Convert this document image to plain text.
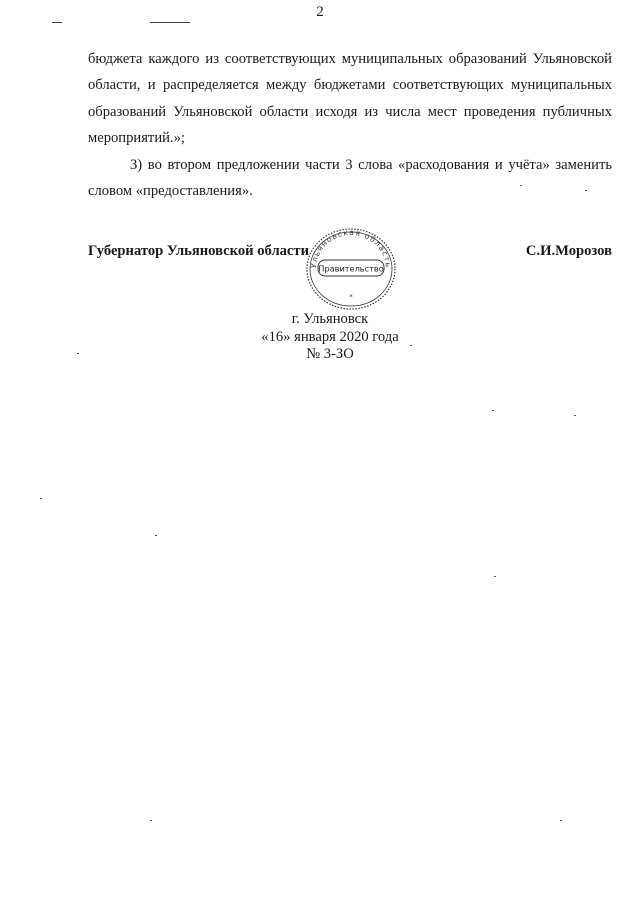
2

бюджета каждого из соответствующих муниципальных образований Ульяновской области, и распределяется между бюджетами соответствующих муниципальных образований Ульяновской области исходя из числа мест проведения публичных мероприятий.»;

3) во втором предложении части 3 слова «расходования и учёта» заменить словом «предоставления».

Губернатор Ульяновской области	С.И.Морозов
Ульяновская область
Правительство
*
г. Ульяновск
«16» января 2020 года
№ 3-ЗО
